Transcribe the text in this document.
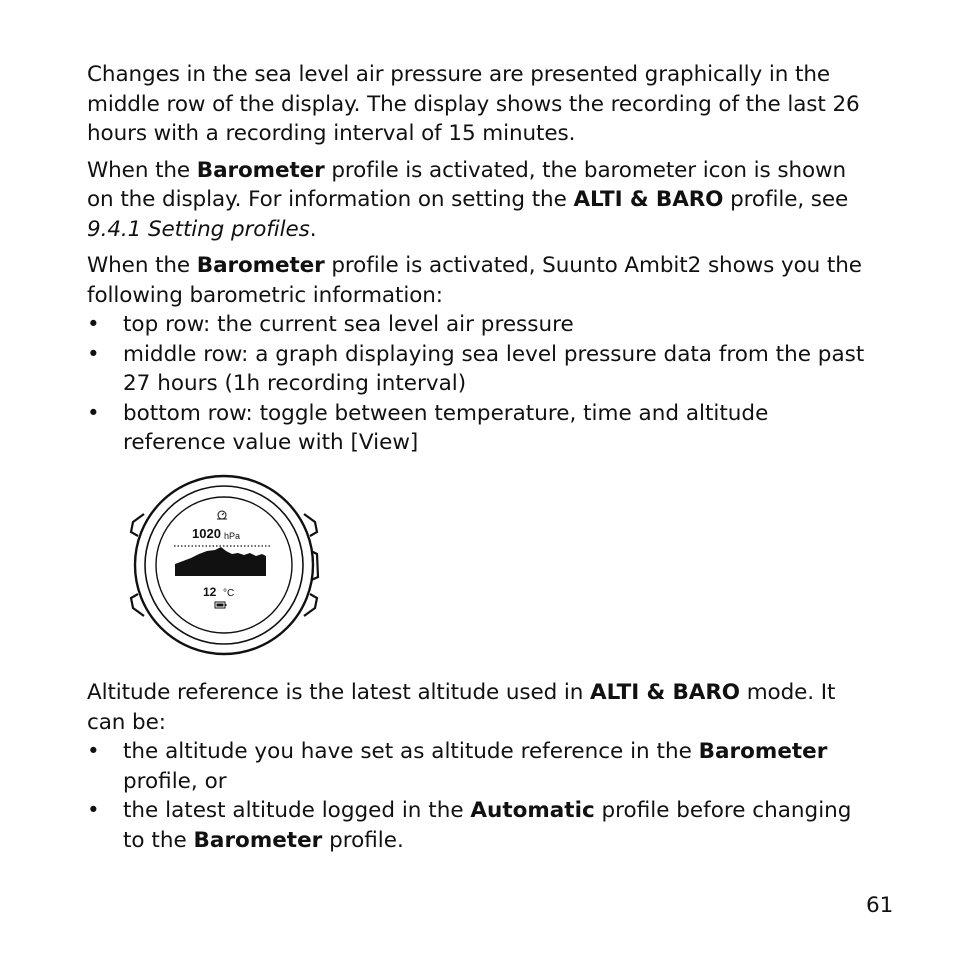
Changes in the sea level air pressure are presented graphically in the middle row of the display. The display shows the recording of the last 26 hours with a recording interval of 15 minutes.

When the Barometer profile is activated, the barometer icon is shown on the display. For information on setting the ALTI & BARO profile, see 9.4.1 Setting profiles.

When the Barometer profile is activated, Suunto Ambit2 shows you the following barometric information:

• top row: the current sea level air pressure
• middle row: a graph displaying sea level pressure data from the past 27 hours (1h recording interval)
• bottom row: toggle between temperature, time and altitude reference value with [View]
1020 hPa
12 °C

Altitude reference is the latest altitude used in ALTI & BARO mode. It can be:

• the altitude you have set as altitude reference in the Barometer profile, or
• the latest altitude logged in the Automatic profile before changing to the Barometer profile.
61
